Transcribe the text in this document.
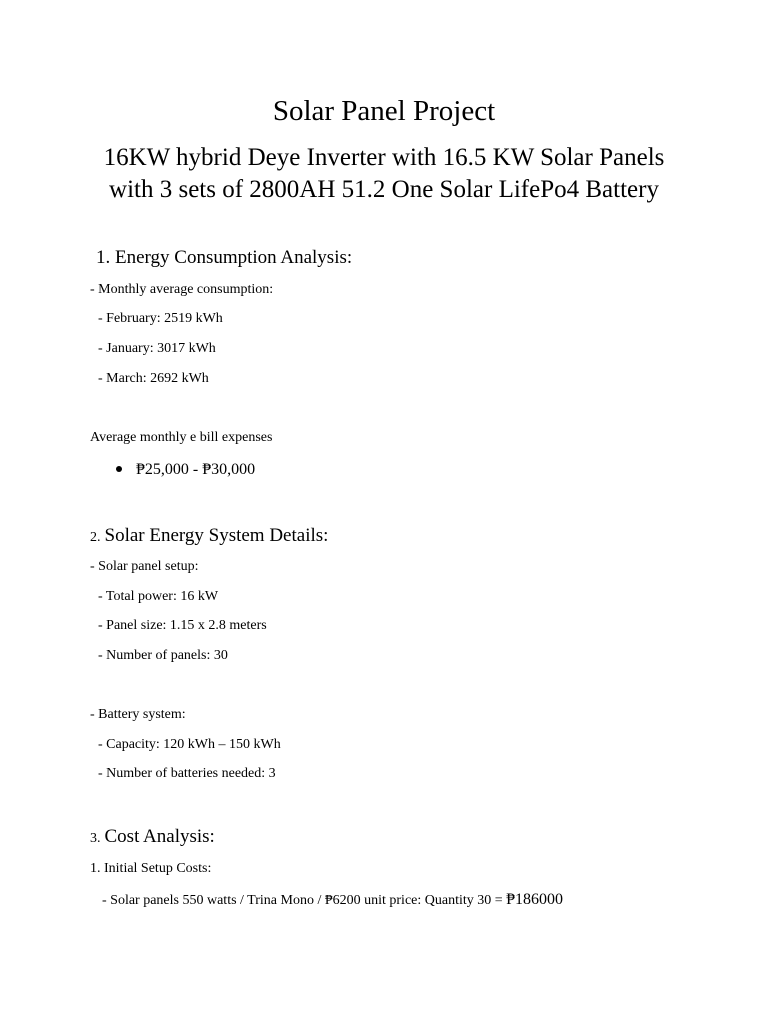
Solar Panel Project
16KW hybrid Deye Inverter with 16.5 KW Solar Panels
with 3 sets of 2800AH 51.2 One Solar LifePo4 Battery
1. Energy Consumption Analysis:
- Monthly average consumption:
- February: 2519 kWh
- January: 3017 kWh
- March: 2692 kWh
Average monthly e bill expenses
₱25,000 - ₱30,000
2. Solar Energy System Details:
- Solar panel setup:
- Total power: 16 kW
- Panel size: 1.15 x 2.8 meters
- Number of panels: 30
- Battery system:
- Capacity: 120 kWh – 150 kWh
- Number of batteries needed: 3
3. Cost Analysis:
1. Initial Setup Costs:
- Solar panels 550 watts / Trina Mono / ₱6200 unit price: Quantity 30 = ₱186000
